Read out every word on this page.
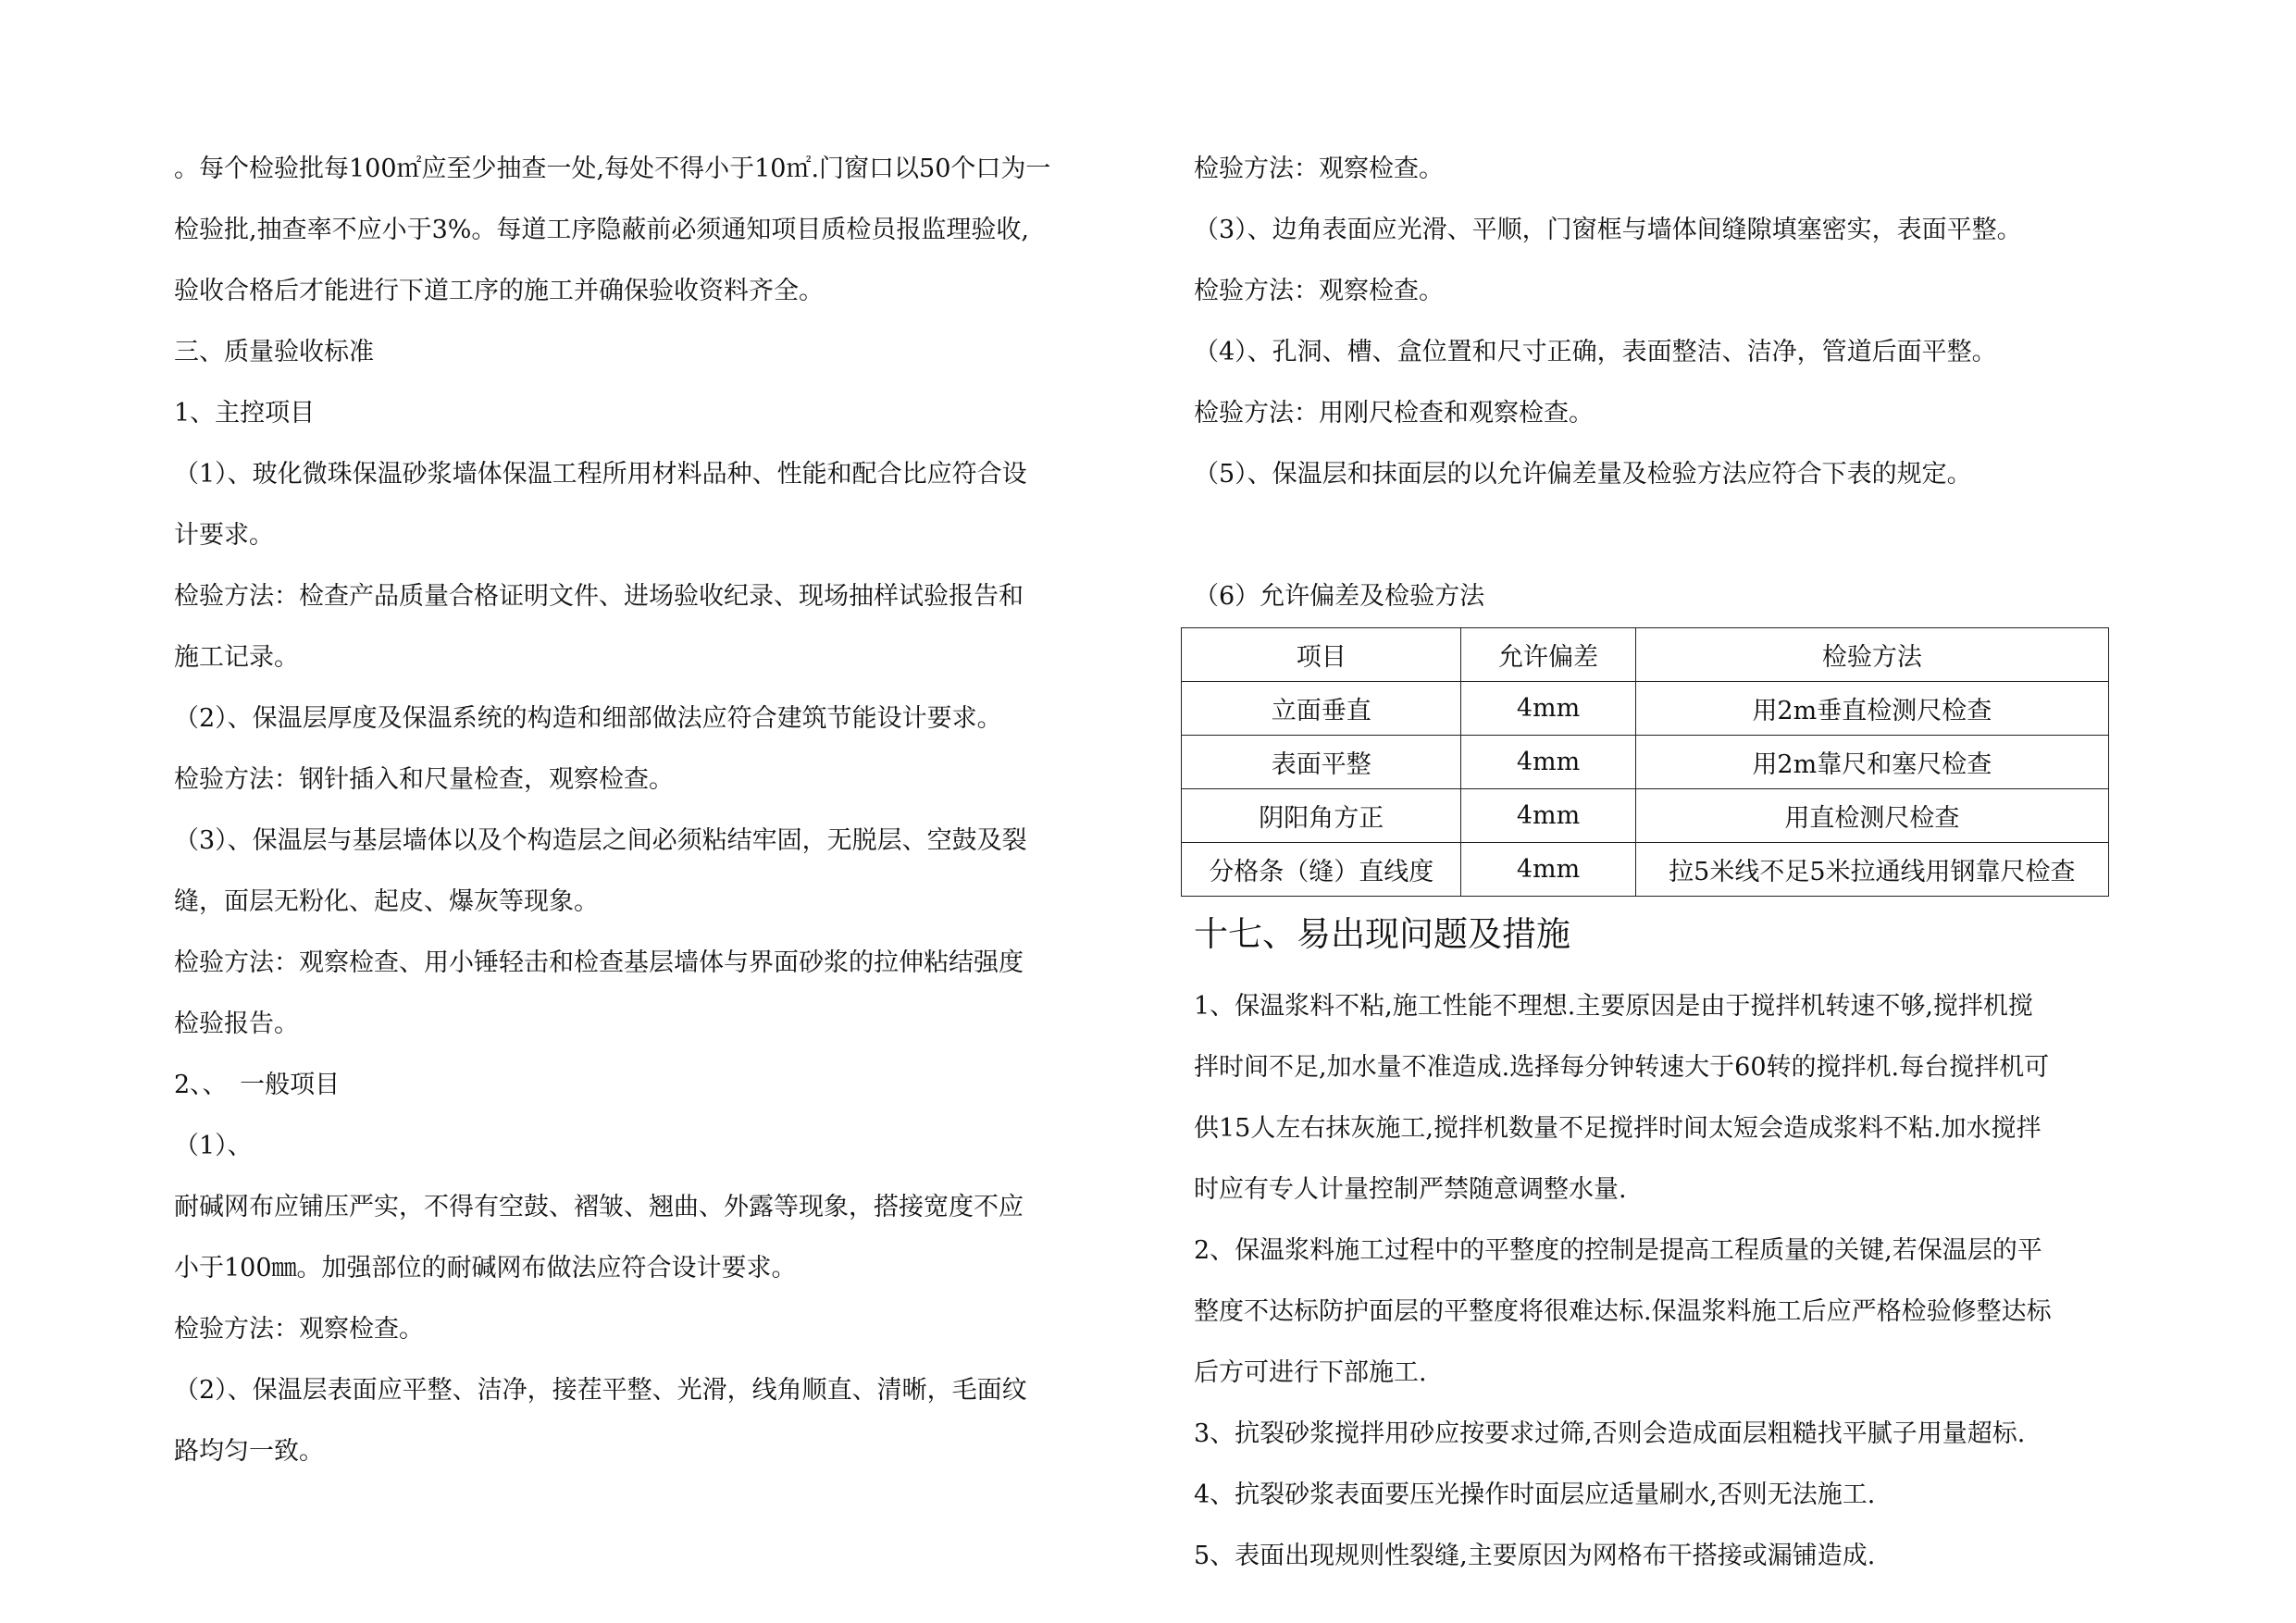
。每个检验批每100㎡应至少抽查一处,每处不得小于10㎡.门窗口以50个口为一

检验批,抽查率不应小于3%。每道工序隐蔽前必须通知项目质检员报监理验收,

验收合格后才能进行下道工序的施工并确保验收资料齐全。

三、质量验收标准

1、主控项目

（1）、玻化微珠保温砂浆墙体保温工程所用材料品种、性能和配合比应符合设

计要求。

检验方法：检查产品质量合格证明文件、进场验收纪录、现场抽样试验报告和

施工记录。

（2）、保温层厚度及保温系统的构造和细部做法应符合建筑节能设计要求。

检验方法：钢针插入和尺量检查，观察检查。

（3）、保温层与基层墙体以及个构造层之间必须粘结牢固，无脱层、空鼓及裂

缝，面层无粉化、起皮、爆灰等现象。

检验方法：观察检查、用小锤轻击和检查基层墙体与界面砂浆的拉伸粘结强度

检验报告。

2、、　一般项目

（1）、

耐碱网布应铺压严实，不得有空鼓、褶皱、翘曲、外露等现象，搭接宽度不应

小于100㎜。加强部位的耐碱网布做法应符合设计要求。

检验方法：观察检查。

（2）、保温层表面应平整、洁净，接茬平整、光滑，线角顺直、清晰，毛面纹

路均匀一致。

检验方法：观察检查。

（3）、边角表面应光滑、平顺，门窗框与墙体间缝隙填塞密实，表面平整。

检验方法：观察检查。

（4）、孔洞、槽、盒位置和尺寸正确，表面整洁、洁净，管道后面平整。

检验方法：用刚尺检查和观察检查。

（5）、保温层和抹面层的以允许偏差量及检验方法应符合下表的规定。

（6）允许偏差及检验方法

项目	允许偏差	检验方法
立面垂直	4mm	用2m垂直检测尺检查
表面平整	4mm	用2m靠尺和塞尺检查
阴阳角方正	4mm	用直检测尺检查
分格条（缝）直线度	4mm	拉5米线不足5米拉通线用钢靠尺检查

十七、易出现问题及措施

1、保温浆料不粘,施工性能不理想.主要原因是由于搅拌机转速不够,搅拌机搅

拌时间不足,加水量不准造成.选择每分钟转速大于60转的搅拌机.每台搅拌机可

供15人左右抹灰施工,搅拌机数量不足搅拌时间太短会造成浆料不粘.加水搅拌

时应有专人计量控制严禁随意调整水量.

2、保温浆料施工过程中的平整度的控制是提高工程质量的关键,若保温层的平

整度不达标防护面层的平整度将很难达标.保温浆料施工后应严格检验修整达标

后方可进行下部施工.

3、抗裂砂浆搅拌用砂应按要求过筛,否则会造成面层粗糙找平腻子用量超标.

4、抗裂砂浆表面要压光操作时面层应适量刷水,否则无法施工.

5、表面出现规则性裂缝,主要原因为网格布干搭接或漏铺造成.
